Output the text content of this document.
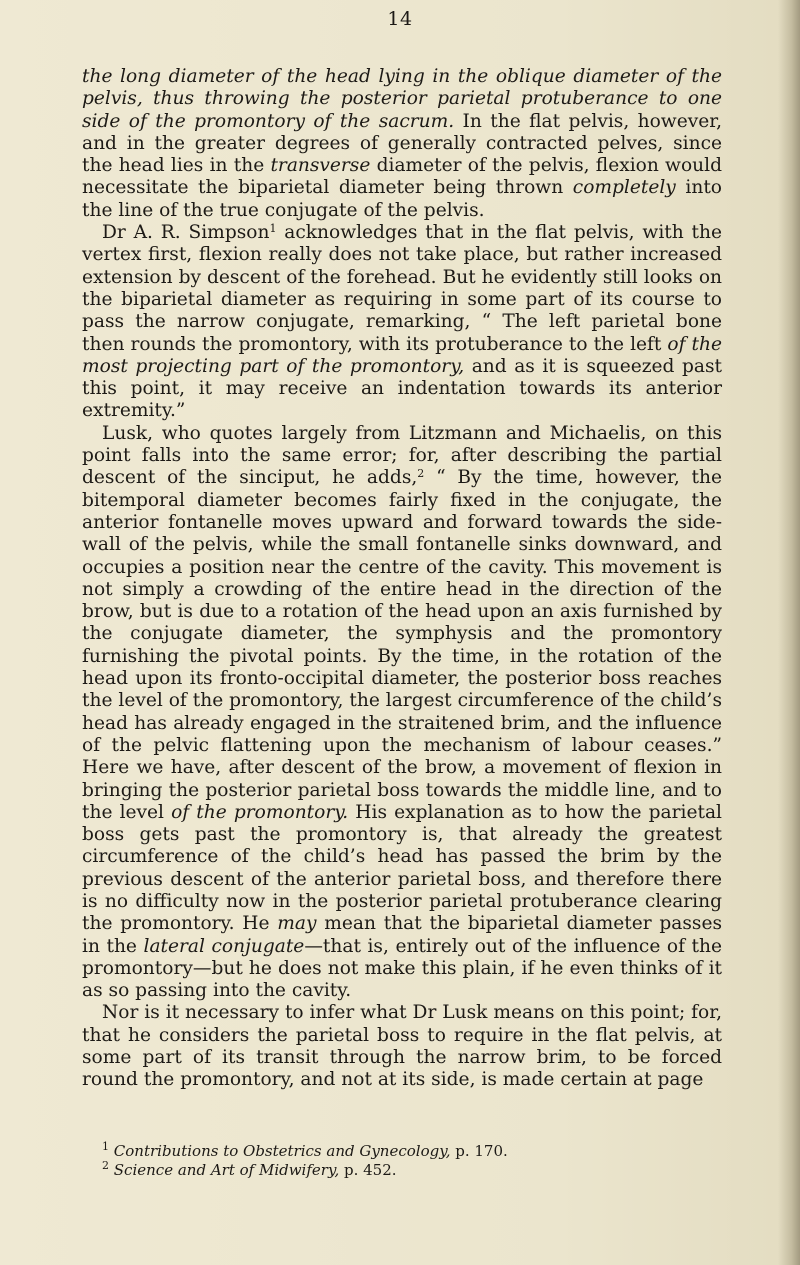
14

the long diameter of the head lying in the oblique diameter of the pelvis, thus throwing the posterior parietal protuberance to one side of the promontory of the sacrum. In the flat pelvis, however, and in the greater degrees of generally contracted pelves, since the head lies in the transverse diameter of the pelvis, flexion would necessitate the biparietal diameter being thrown completely into the line of the true conjugate of the pelvis.

Dr A. R. Simpson$^1$ acknowledges that in the flat pelvis, with the vertex first, flexion really does not take place, but rather increased extension by descent of the forehead. But he evidently still looks on the biparietal diameter as requiring in some part of its course to pass the narrow conjugate, remarking, “ The left parietal bone then rounds the promontory, with its protuberance to the left of the most projecting part of the promontory, and as it is squeezed past this point, it may receive an indentation towards its anterior extremity.”

Lusk, who quotes largely from Litzmann and Michaelis, on this point falls into the same error; for, after describing the partial descent of the sinciput, he adds,$^2$ “ By the time, however, the bitemporal diameter becomes fairly fixed in the conjugate, the anterior fontanelle moves upward and forward towards the side-wall of the pelvis, while the small fontanelle sinks downward, and occupies a position near the centre of the cavity. This movement is not simply a crowding of the entire head in the direction of the brow, but is due to a rotation of the head upon an axis furnished by the conjugate diameter, the symphysis and the promontory furnishing the pivotal points. By the time, in the rotation of the head upon its fronto-occipital diameter, the posterior boss reaches the level of the promontory, the largest circumference of the child’s head has already engaged in the straitened brim, and the influence of the pelvic flattening upon the mechanism of labour ceases.” Here we have, after descent of the brow, a movement of flexion in bringing the posterior parietal boss towards the middle line, and to the level of the promontory. His explanation as to how the parietal boss gets past the promontory is, that already the greatest circumference of the child’s head has passed the brim by the previous descent of the anterior parietal boss, and therefore there is no difficulty now in the posterior parietal protuberance clearing the promontory. He may mean that the biparietal diameter passes in the lateral conjugate—that is, entirely out of the influence of the promontory—but he does not make this plain, if he even thinks of it as so passing into the cavity.

Nor is it necessary to infer what Dr Lusk means on this point; for, that he considers the parietal boss to require in the flat pelvis, at some part of its transit through the narrow brim, to be forced round the promontory, and not at its side, is made certain at page

$^1$ Contributions to Obstetrics and Gynecology, p. 170.

$^2$ Science and Art of Midwifery, p. 452.
